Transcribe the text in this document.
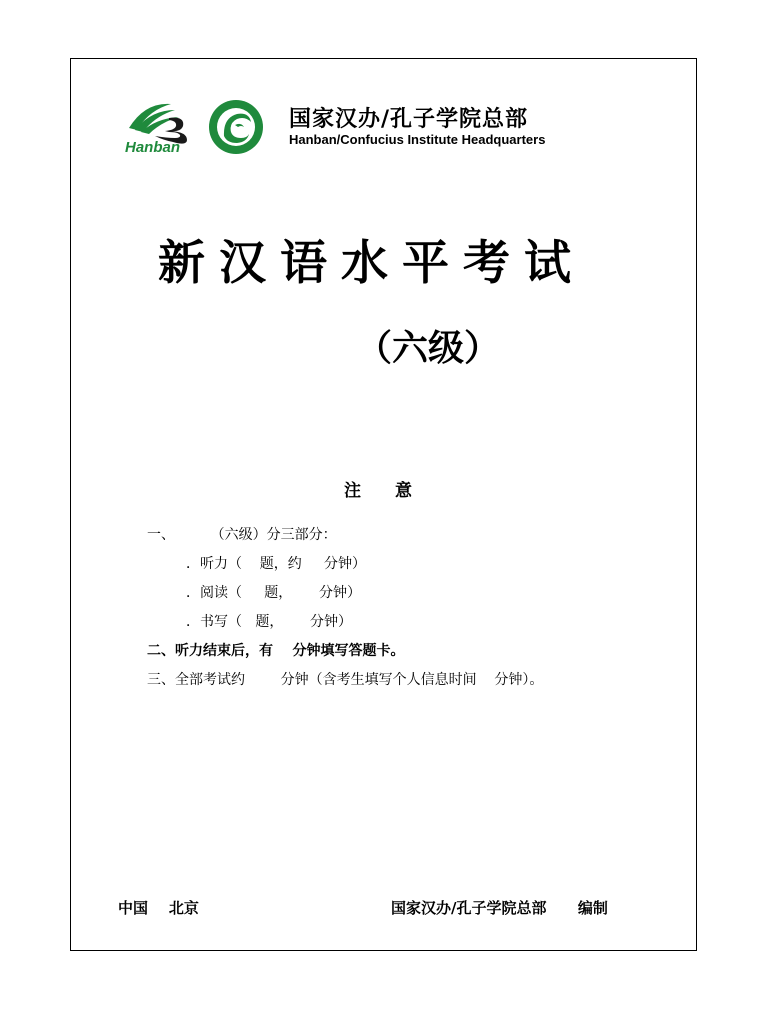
Hanban
国家汉办/孔子学院总部
Hanban/Confucius Institute Headquarters
新汉语水平考试
（六级）
注意
一、        （六级）分三部分：
．听力（    题，约     分钟）
．阅读（     题，      分钟）
．书写（   题，      分钟）
二、听力结束后，有    分钟填写答题卡。
三、全部考试约        分钟（含考生填写个人信息时间    分钟）。
中国    北京	国家汉办/孔子学院总部      编制
